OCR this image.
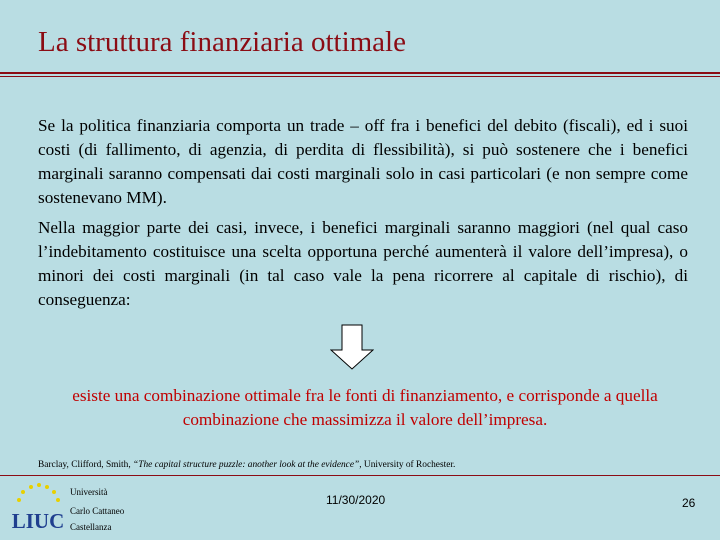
La struttura finanziaria ottimale

Se la politica finanziaria comporta un trade – off fra i benefici del debito (fiscali), ed i suoi costi (di fallimento, di agenzia, di perdita di flessibilità), si può sostenere che i benefici marginali saranno compensati dai costi marginali solo in casi particolari (e non sempre come sostenevano MM).

Nella maggior parte dei casi, invece, i benefici marginali saranno maggiori (nel qual caso l’indebitamento costituisce una scelta opportuna perché aumenterà il valore dell’impresa), o minori dei costi marginali (in tal caso vale la pena ricorrere al capitale di rischio), di conseguenza:

esiste una combinazione ottimale fra le fonti di finanziamento, e corrisponde a quella combinazione che massimizza il valore dell’impresa.

Barclay, Clifford, Smith, “The capital structure puzzle: another look at the evidence”, University of Rochester.
LIUC
Università
Carlo Cattaneo
Castellanza
11/30/2020	26
